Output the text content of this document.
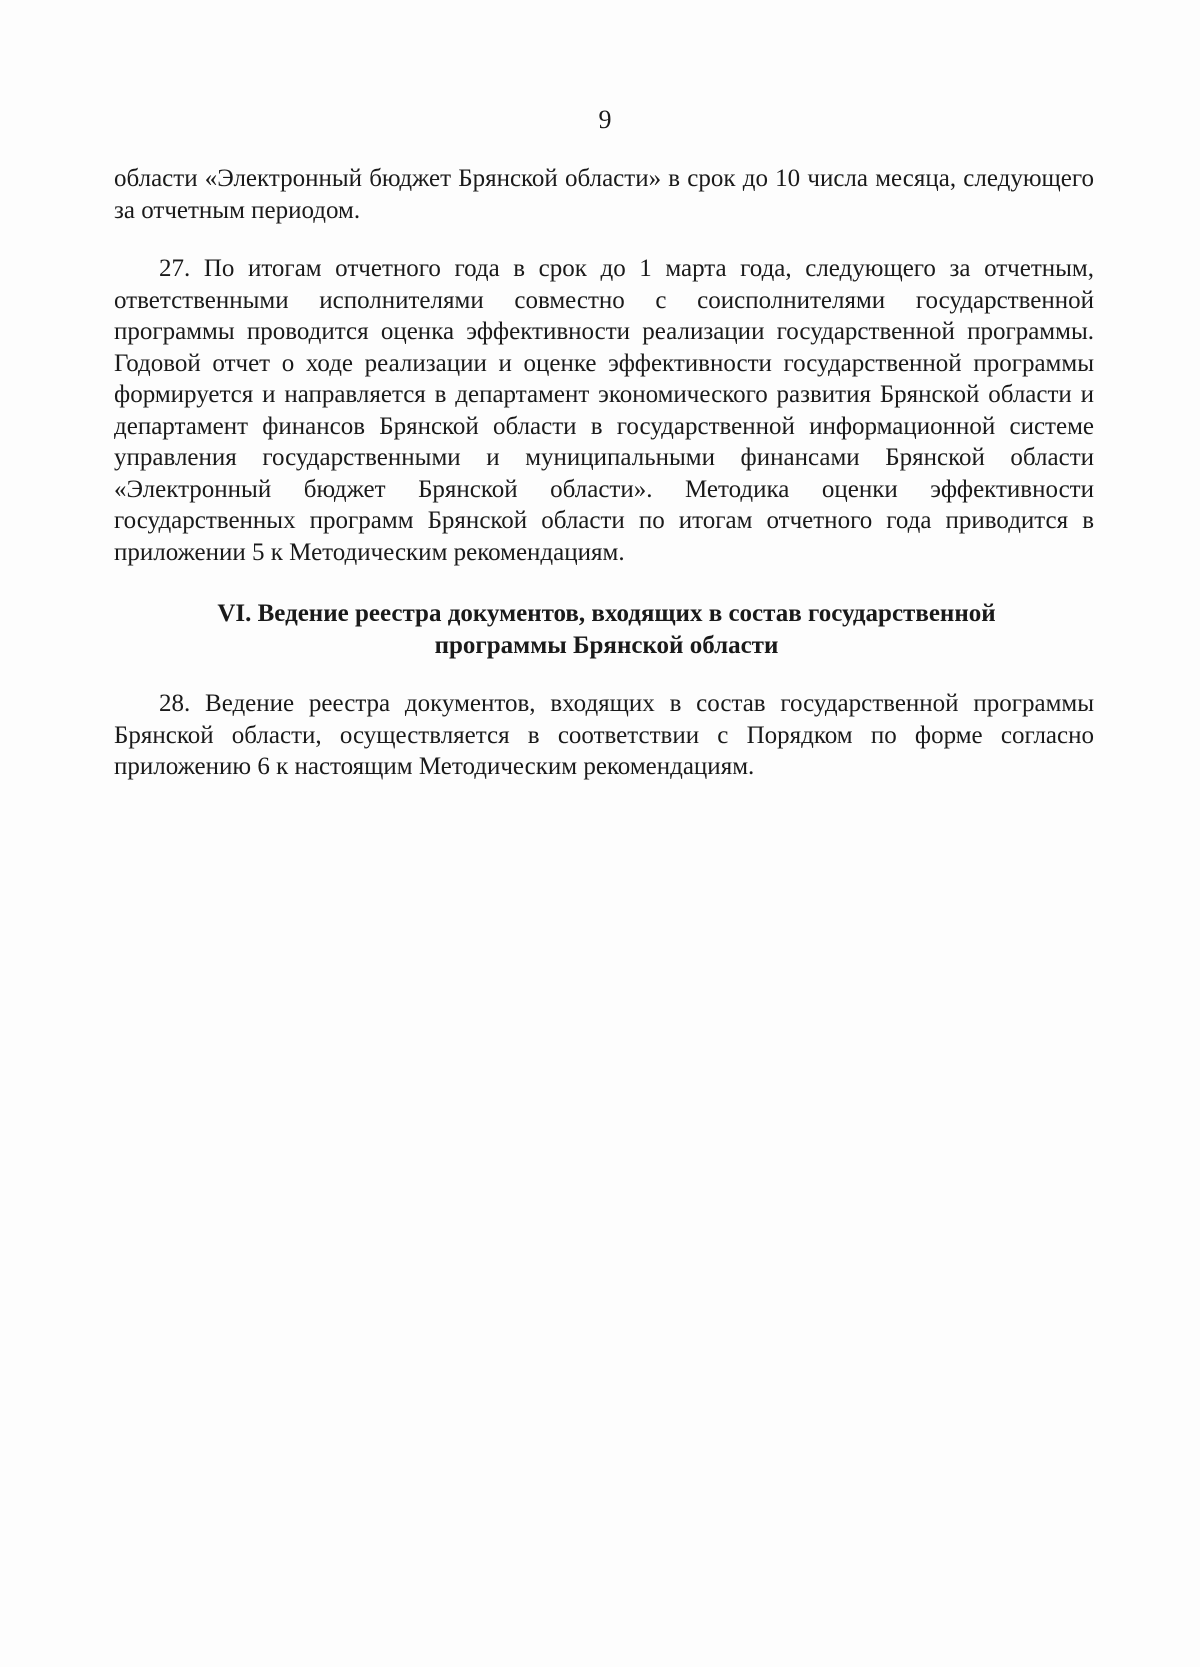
9

области «Электронный бюджет Брянской области» в срок до 10 числа месяца, следующего за отчетным периодом.

27. По итогам отчетного года в срок до 1 марта года, следующего за отчетным, ответственными исполнителями совместно с соисполнителями государственной программы проводится оценка эффективности реализации государственной программы. Годовой отчет о ходе реализации и оценке эффективности государственной программы формируется и направляется в департамент экономического развития Брянской области и департамент финансов Брянской области в государственной информационной системе управления государственными и муниципальными финансами Брянской области «Электронный бюджет Брянской области». Методика оценки эффективности государственных программ Брянской области по итогам отчетного года приводится в приложении 5 к Методическим рекомендациям.

VI. Ведение реестра документов, входящих в состав государственной
программы Брянской области

28. Ведение реестра документов, входящих в состав государственной программы Брянской области, осуществляется в соответствии с Порядком по форме согласно приложению 6 к настоящим Методическим рекомендациям.
